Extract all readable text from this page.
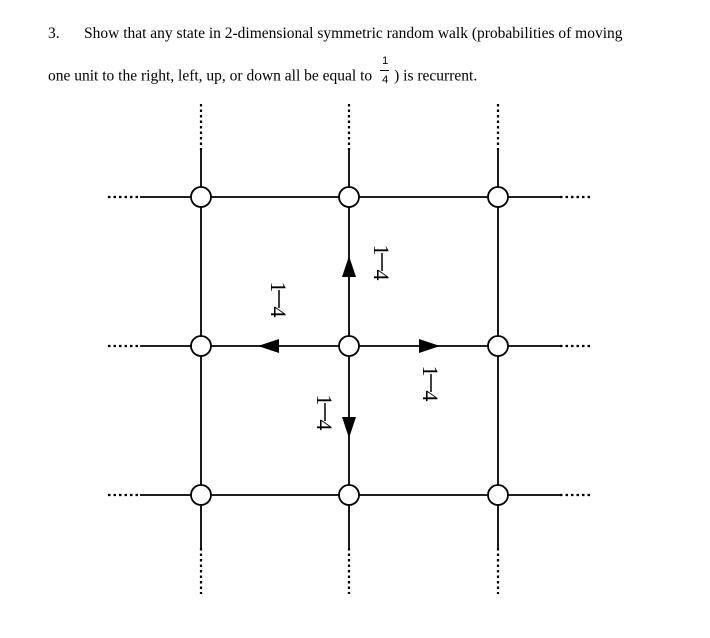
3. Show that any state in 2-dimensional symmetric random walk (probabilities of moving
one unit to the right, left, up, or down all be equal to $\frac{1}{4}$ ) is recurrent.
1
4
1
4
1
4
1
4
